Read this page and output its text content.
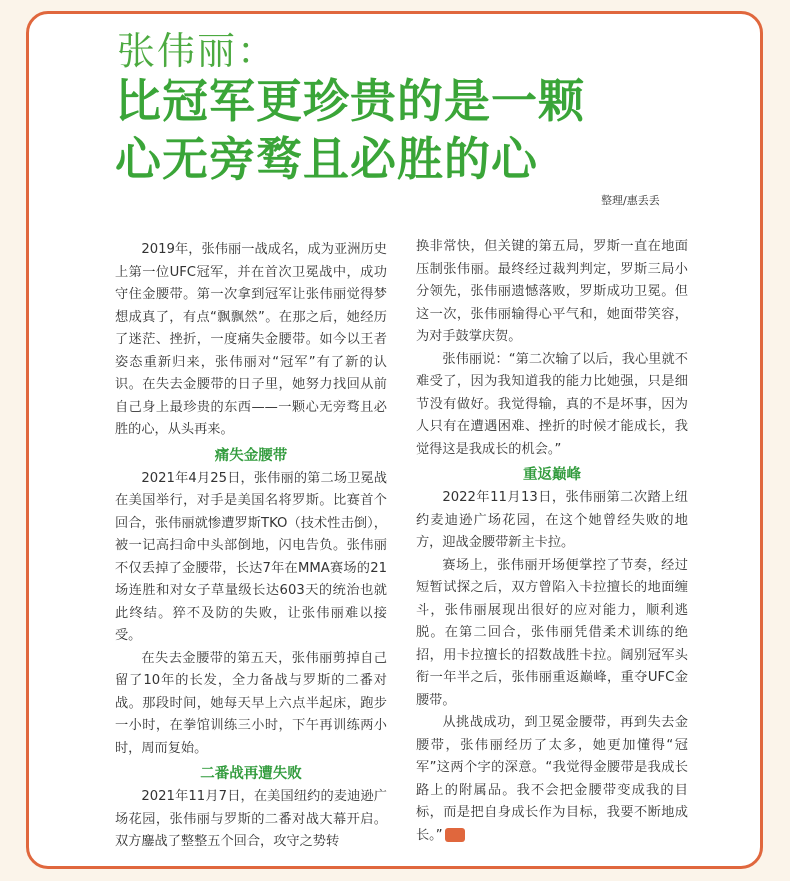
张伟丽：
比冠军更珍贵的是一颗
心无旁骛且必胜的心
整理/惠丢丢

2019年，张伟丽一战成名，成为亚洲历史上第一位UFC冠军，并在首次卫冕战中，成功守住金腰带。第一次拿到冠军让张伟丽觉得梦想成真了，有点“飘飘然”。在那之后，她经历了迷茫、挫折，一度痛失金腰带。如今以王者姿态重新归来，张伟丽对“冠军”有了新的认识。在失去金腰带的日子里，她努力找回从前自己身上最珍贵的东西——一颗心无旁骛且必胜的心，从头再来。

痛失金腰带

2021年4月25日，张伟丽的第二场卫冕战在美国举行，对手是美国名将罗斯。比赛首个回合，张伟丽就惨遭罗斯TKO（技术性击倒），被一记高扫命中头部倒地，闪电告负。张伟丽不仅丢掉了金腰带，长达7年在MMA赛场的21场连胜和对女子草量级长达603天的统治也就此终结。猝不及防的失败，让张伟丽难以接受。

在失去金腰带的第五天，张伟丽剪掉自己留了10年的长发，全力备战与罗斯的二番对战。那段时间，她每天早上六点半起床，跑步一小时，在拳馆训练三小时，下午再训练两小时，周而复始。

二番战再遭失败

2021年11月7日，在美国纽约的麦迪逊广场花园，张伟丽与罗斯的二番对战大幕开启。双方鏖战了整整五个回合，攻守之势转

换非常快，但关键的第五局，罗斯一直在地面压制张伟丽。最终经过裁判判定，罗斯三局小分领先，张伟丽遗憾落败，罗斯成功卫冕。但这一次，张伟丽输得心平气和，她面带笑容，为对手鼓掌庆贺。

张伟丽说：“第二次输了以后，我心里就不难受了，因为我知道我的能力比她强，只是细节没有做好。我觉得输，真的不是坏事，因为人只有在遭遇困难、挫折的时候才能成长，我觉得这是我成长的机会。”

重返巅峰

2022年11月13日，张伟丽第二次踏上纽约麦迪逊广场花园，在这个她曾经失败的地方，迎战金腰带新主卡拉。

赛场上，张伟丽开场便掌控了节奏，经过短暂试探之后，双方曾陷入卡拉擅长的地面缠斗，张伟丽展现出很好的应对能力，顺利逃脱。在第二回合，张伟丽凭借柔术训练的绝招，用卡拉擅长的招数战胜卡拉。阔别冠军头衔一年半之后，张伟丽重返巅峰，重夺UFC金腰带。

从挑战成功，到卫冕金腰带，再到失去金腰带，张伟丽经历了太多，她更加懂得“冠军”这两个字的深意。“我觉得金腰带是我成长路上的附属品。我不会把金腰带变成我的目标，而是把自身成长作为目标，我要不断地成长。”	红
